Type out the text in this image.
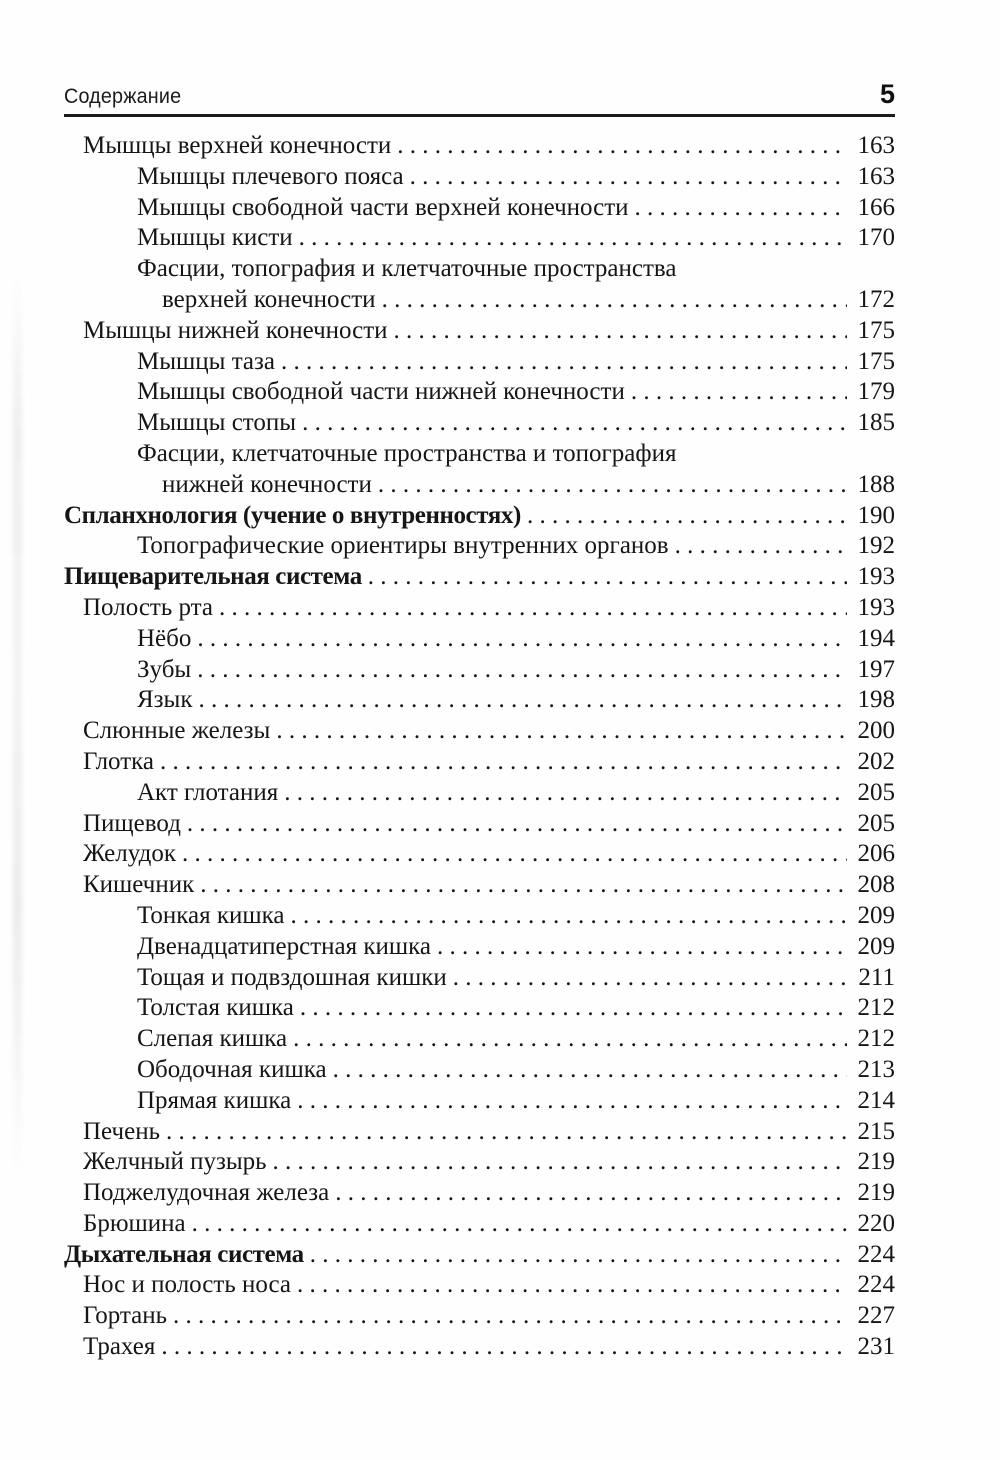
Содержание	5
Мышцы верхней конечности . . .	163
Мышцы плечевого пояса . . .	163
Мышцы свободной части верхней конечности . . .	166
Мышцы кисти . . .	170
Фасции, топография и клетчаточные пространства
верхней конечности . . .	172
Мышцы нижней конечности . . .	175
Мышцы таза . . .	175
Мышцы свободной части нижней конечности . . .	179
Мышцы стопы . . .	185
Фасции, клетчаточные пространства и топография
нижней конечности . . .	188
Спланхнология (учение о внутренностях) . . .	190
Топографические ориентиры внутренних органов . . .	192
Пищеварительная система . . .	193
Полость рта . . .	193
Нёбо . . .	194
Зубы . . .	197
Язык . . .	198
Слюнные железы . . .	200
Глотка . . .	202
Акт глотания . . .	205
Пищевод . . .	205
Желудок . . .	206
Кишечник . . .	208
Тонкая кишка . . .	209
Двенадцатиперстная кишка . . .	209
Тощая и подвздошная кишки . . .	211
Толстая кишка . . .	212
Слепая кишка . . .	212
Ободочная кишка . . .	213
Прямая кишка . . .	214
Печень . . .	215
Желчный пузырь . . .	219
Поджелудочная железа . . .	219
Брюшина . . .	220
Дыхательная система . . .	224
Нос и полость носа . . .	224
Гортань . . .	227
Трахея . . .	231
